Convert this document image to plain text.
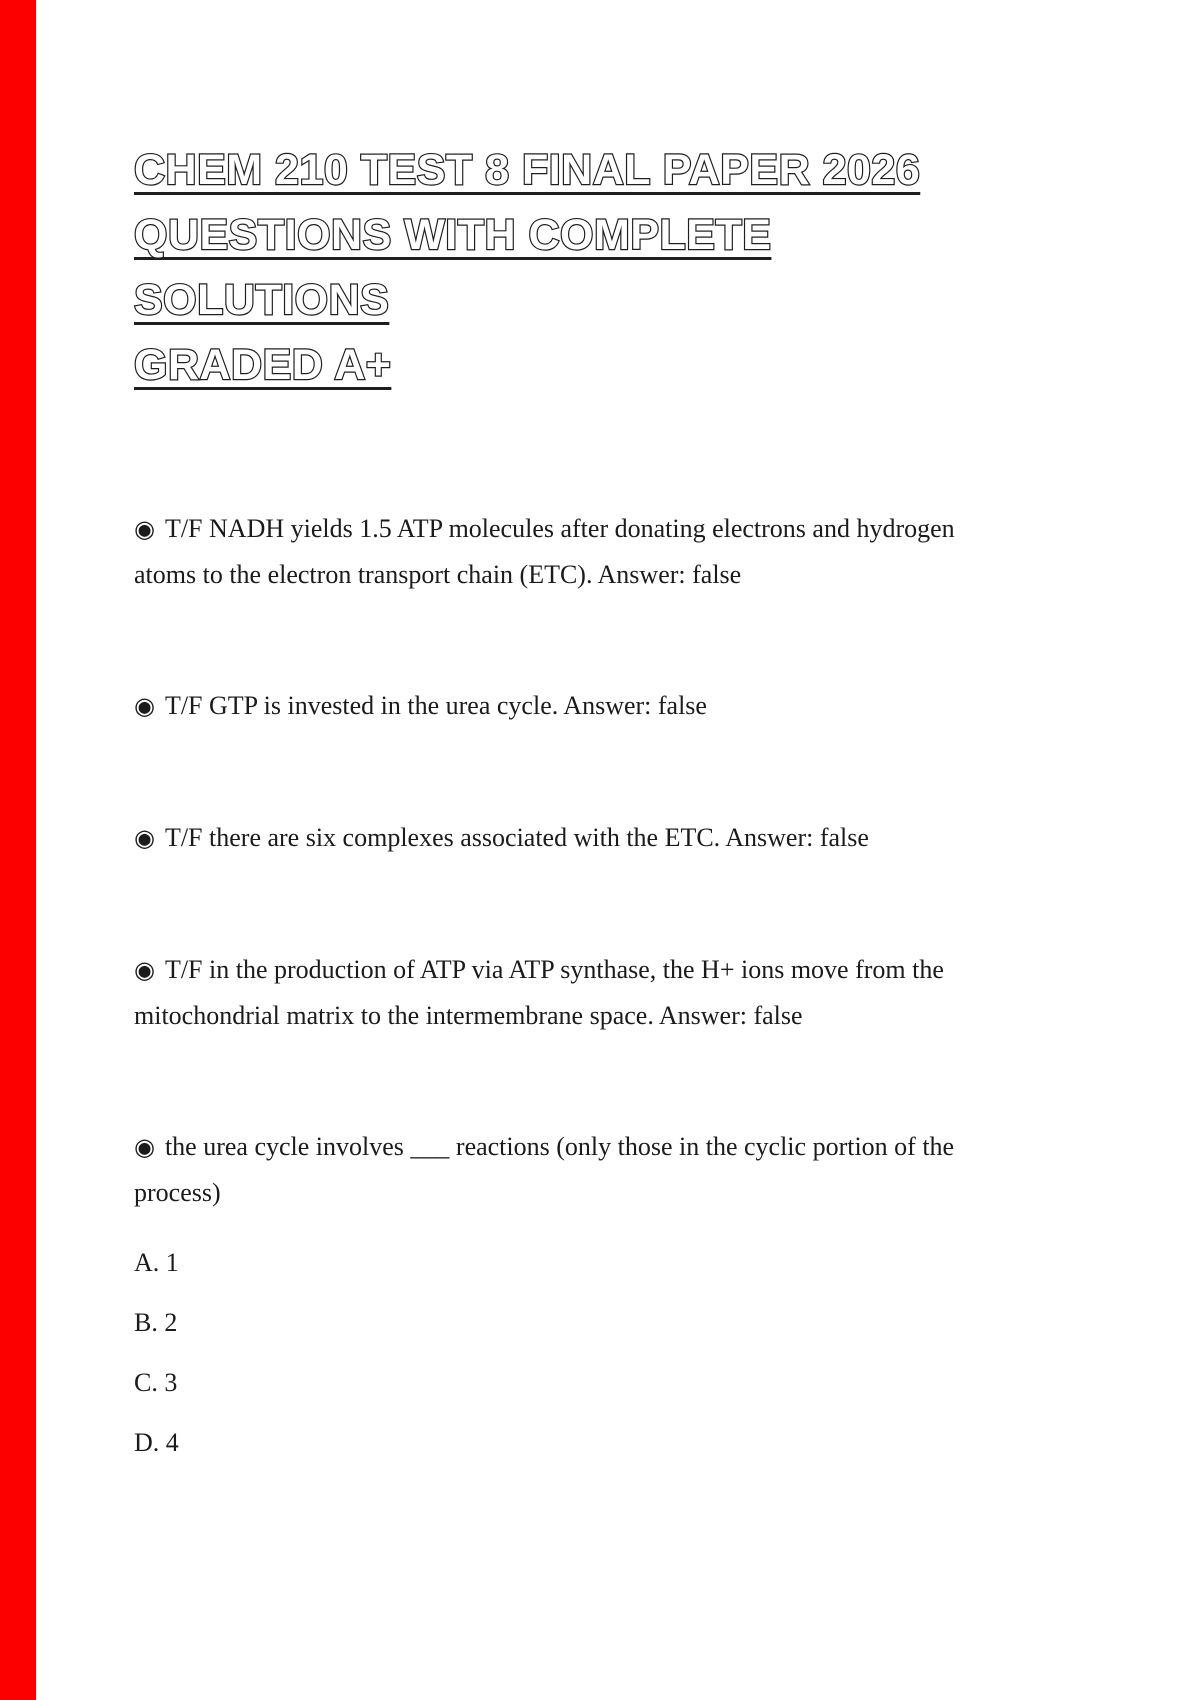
CHEM 210 TEST 8 FINAL PAPER 2026
QUESTIONS WITH COMPLETE SOLUTIONS
GRADED A+
◉ T/F NADH yields 1.5 ATP molecules after donating electrons and hydrogen atoms to the electron transport chain (ETC). Answer: false
◉ T/F GTP is invested in the urea cycle. Answer: false
◉ T/F there are six complexes associated with the ETC. Answer: false
◉ T/F in the production of ATP via ATP synthase, the H+ ions move from the mitochondrial matrix to the intermembrane space. Answer: false
◉ the urea cycle involves ___ reactions (only those in the cyclic portion of the process)
A. 1
B. 2
C. 3
D. 4
